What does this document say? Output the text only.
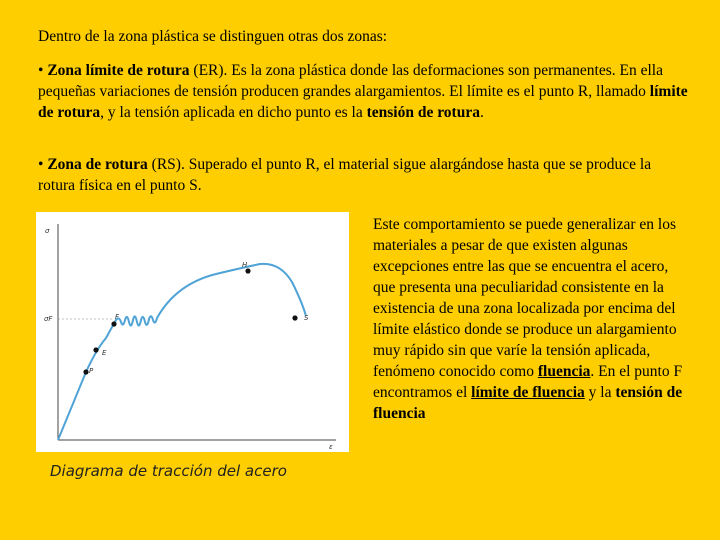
Dentro de la zona plástica se distinguen otras dos zonas:

• Zona límite de rotura (ER). Es la zona plástica donde las deformaciones son permanentes. En ella pequeñas variaciones de tensión producen grandes alargamientos. El límite es el punto R, llamado límite de rotura, y la tensión aplicada en dicho punto es la tensión de rotura.

• Zona de rotura (RS). Superado el punto R, el material sigue alargándose hasta que se produce la rotura física en el punto S.

Este comportamiento se puede generalizar en los materiales a pesar de que existen algunas excepciones entre las que se encuentra el acero, que presenta una peculiaridad consistente en la existencia de una zona localizada por encima del límite elástico donde se produce un alargamiento muy rápido sin que varíe la tensión aplicada, fenómeno conocido como fluencia. En el punto F encontramos el límite de fluencia y la tensión de fluencia

σ
ε
σF
P
E
F
H
S
Diagrama de tracción del acero
